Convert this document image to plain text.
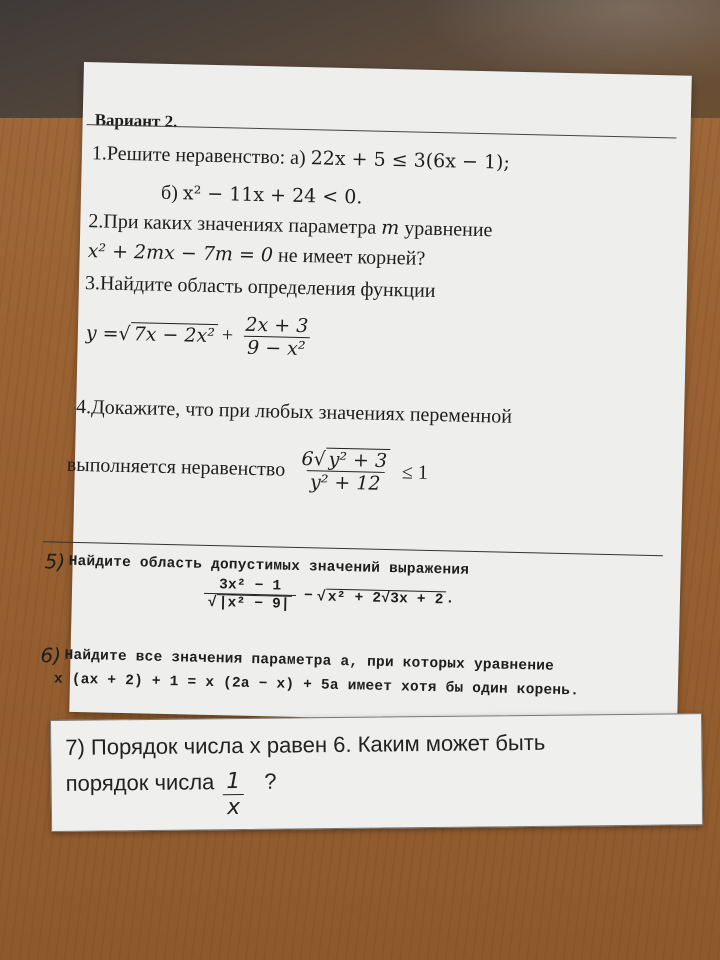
Вариант 2.
1.Решите неравенство: а) 22x + 5 ≤ 3(6x − 1);
б) x² − 11x + 24 < 0.
2.При каких значениях параметра m уравнение
x² + 2mx − 7m = 0 не имеет корней?
3.Найдите область определения функции
y = √ $7x - 2x^2 + \frac{2x + 3}{\text{9 − x²}}$
4.Докажите, что при любых значениях переменной
выполняется неравенство $\frac{\text{6√ y² + 3}}{\text{y² + 12}} \le 1$
5) Найдите область допустимых значений выражения
$\frac{\text{3x² − 1}}{\text{√ |x² − 9|}}$ − √ x² + 2√3x + 2 .
6) Найдите все значения параметра a, при которых уравнение
x (ax + 2) + 1 = x (2a − x) + 5a имеет хотя бы один корень.
7) Порядок числа х равен 6. Каким может быть
порядок числа $\frac{1}{x}$ ?
